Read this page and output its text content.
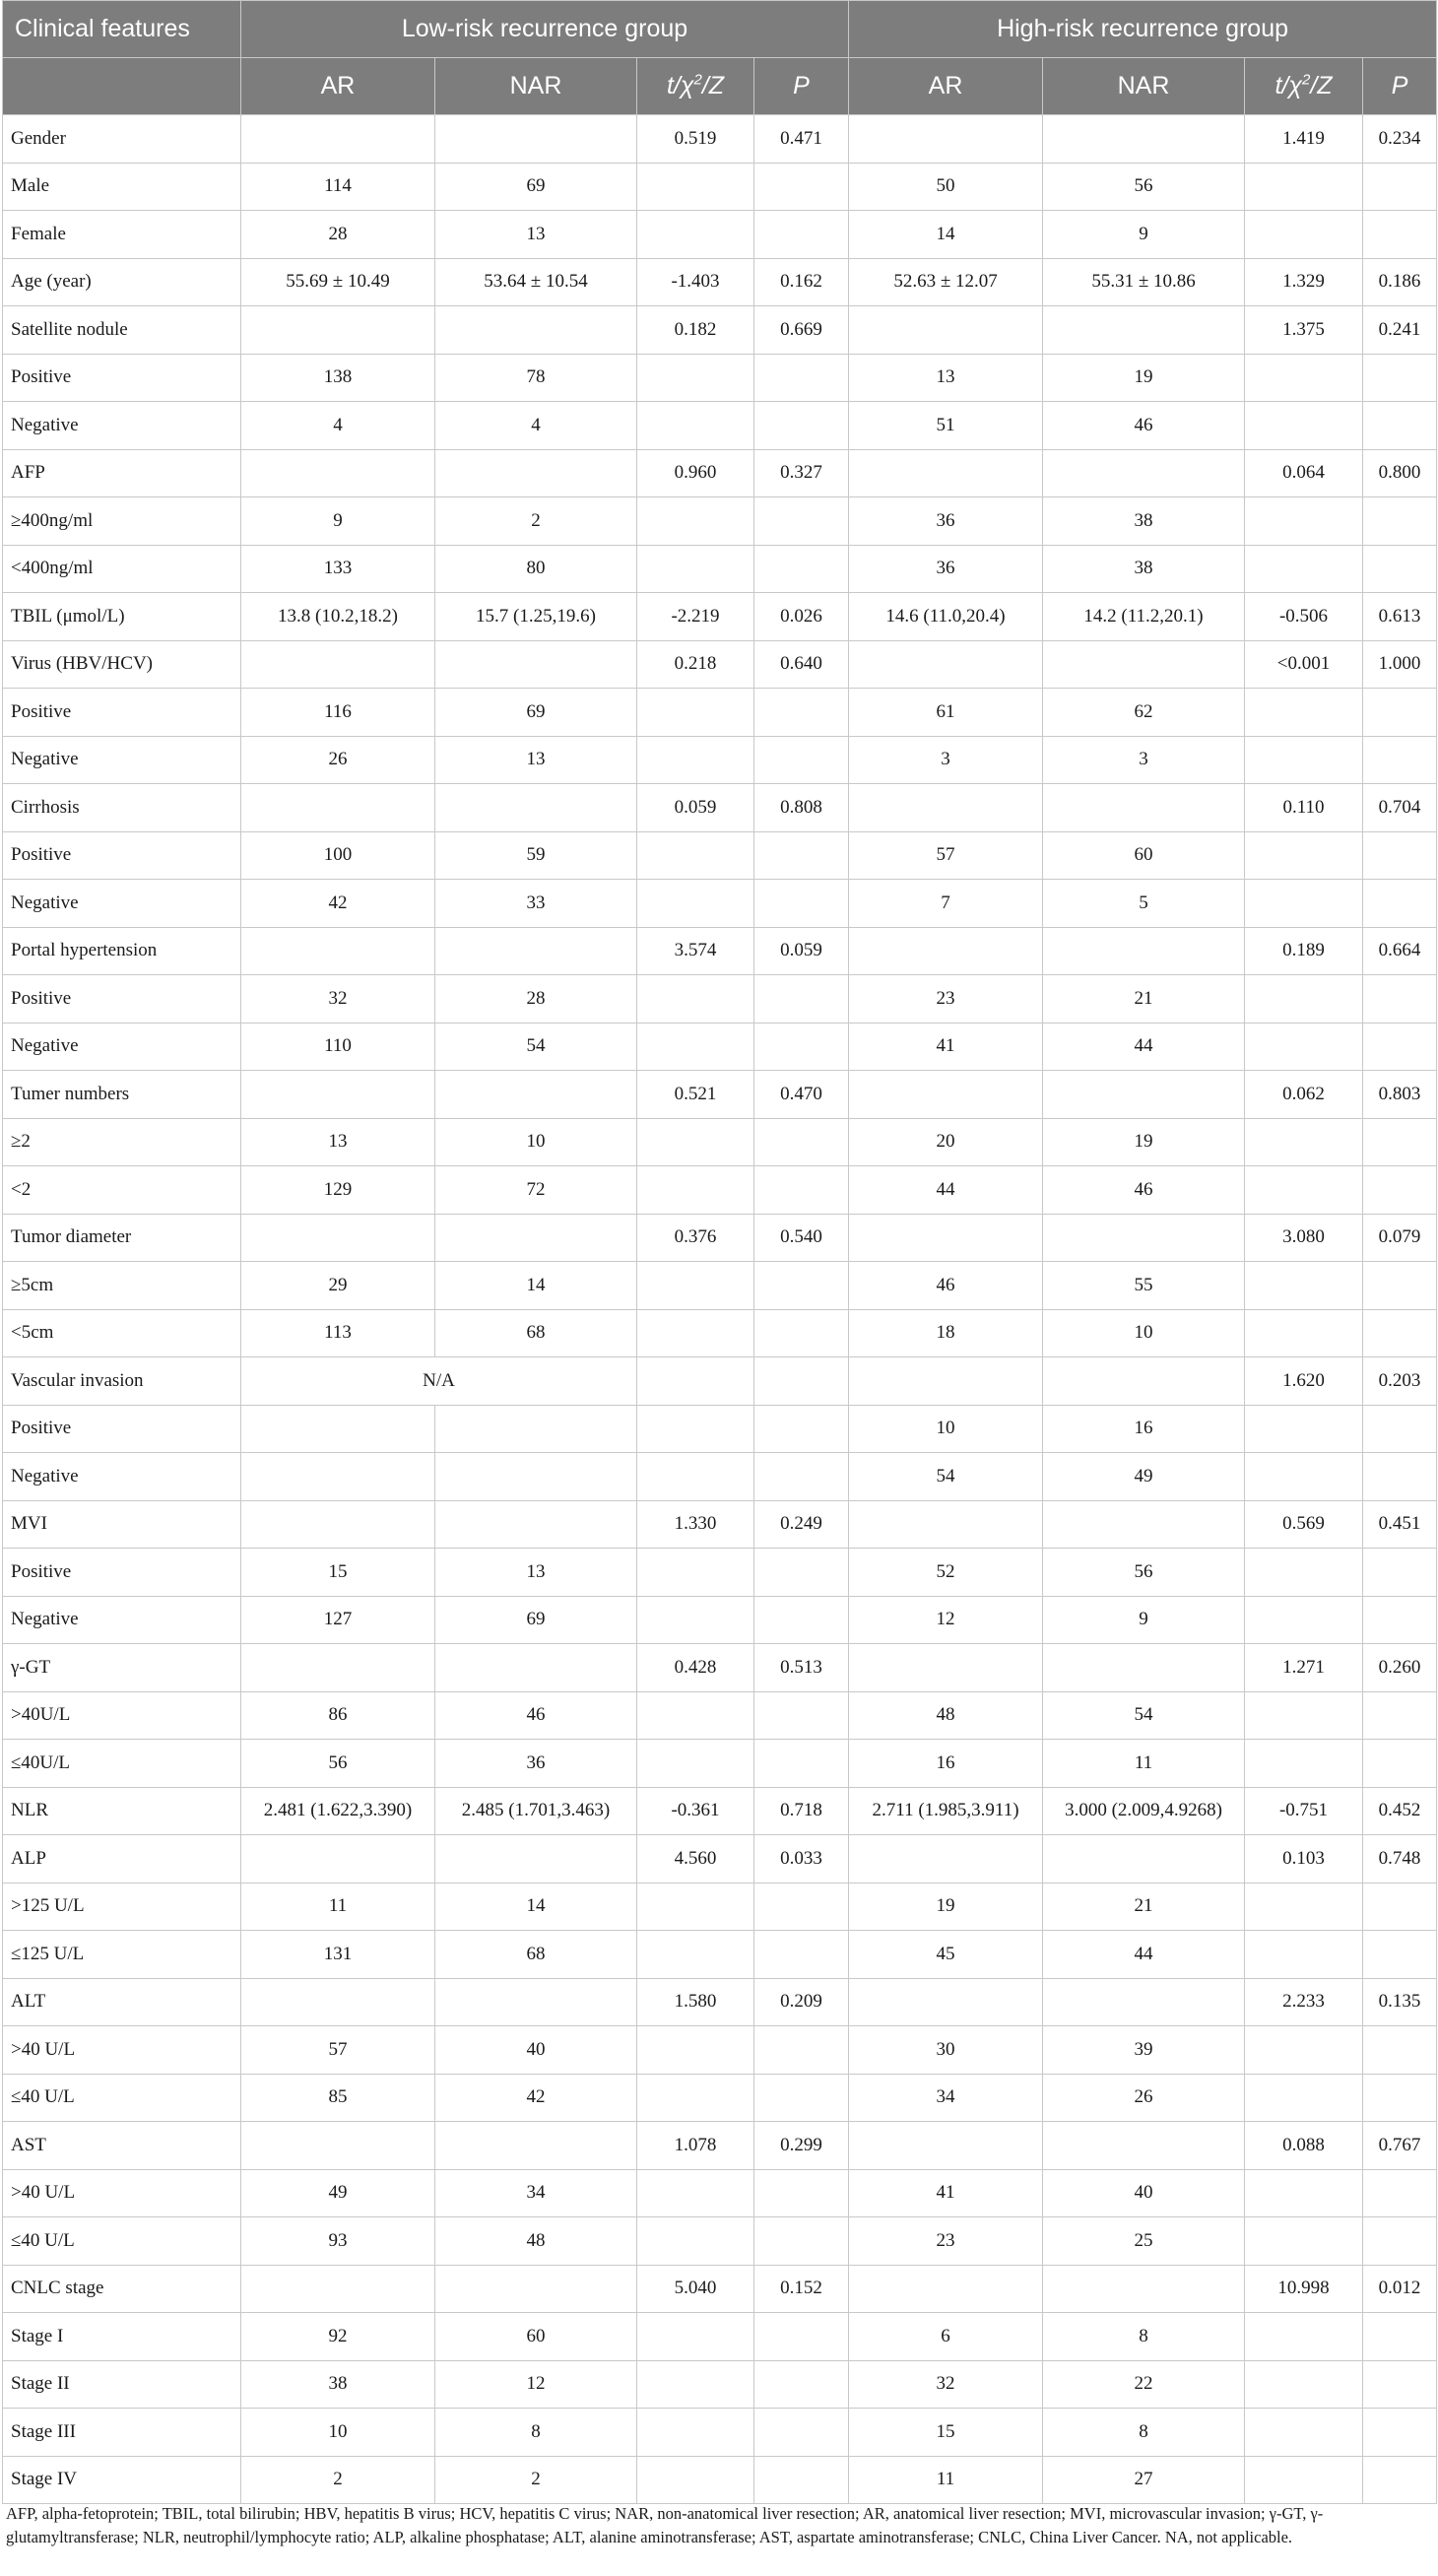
Clinical features	Low-risk recurrence group				High-risk recurrence group			
	AR	NAR	$t/\chi^2/Z$	P	AR	NAR	$t/\chi^2/Z$	P
Gender			0.519	0.471			1.419	0.234
Male	114	69			50	56		
Female	28	13			14	9		
Age (year)	55.69 ± 10.49	53.64 ± 10.54	-1.403	0.162	52.63 ± 12.07	55.31 ± 10.86	1.329	0.186
Satellite nodule			0.182	0.669			1.375	0.241
Positive	138	78			13	19		
Negative	4	4			51	46		
AFP			0.960	0.327			0.064	0.800
≥400ng/ml	9	2			36	38		
<400ng/ml	133	80			36	38		
TBIL (μmol/L)	13.8 (10.2,18.2)	15.7 (1.25,19.6)	-2.219	0.026	14.6 (11.0,20.4)	14.2 (11.2,20.1)	-0.506	0.613
Virus (HBV/HCV)			0.218	0.640			<0.001	1.000
Positive	116	69			61	62		
Negative	26	13			3	3		
Cirrhosis			0.059	0.808			0.110	0.704
Positive	100	59			57	60		
Negative	42	33			7	5		
Portal hypertension			3.574	0.059			0.189	0.664
Positive	32	28			23	21		
Negative	110	54			41	44		
Tumer numbers			0.521	0.470			0.062	0.803
≥2	13	10			20	19		
<2	129	72			44	46		
Tumor diameter			0.376	0.540			3.080	0.079
≥5cm	29	14			46	55		
<5cm	113	68			18	10		
Vascular invasion	N/A						1.620	0.203
Positive					10	16		
Negative					54	49		
MVI			1.330	0.249			0.569	0.451
Positive	15	13			52	56		
Negative	127	69			12	9		
γ-GT			0.428	0.513			1.271	0.260
>40U/L	86	46			48	54		
≤40U/L	56	36			16	11		
NLR	2.481 (1.622,3.390)	2.485 (1.701,3.463)	-0.361	0.718	2.711 (1.985,3.911)	3.000 (2.009,4.9268)	-0.751	0.452
ALP			4.560	0.033			0.103	0.748
>125 U/L	11	14			19	21		
≤125 U/L	131	68			45	44		
ALT			1.580	0.209			2.233	0.135
>40 U/L	57	40			30	39		
≤40 U/L	85	42			34	26		
AST			1.078	0.299			0.088	0.767
>40 U/L	49	34			41	40		
≤40 U/L	93	48			23	25		
CNLC stage			5.040	0.152			10.998	0.012
Stage I	92	60			6	8		
Stage II	38	12			32	22		
Stage III	10	8			15	8		
Stage IV	2	2			11	27		
AFP, alpha-fetoprotein; TBIL, total bilirubin; HBV, hepatitis B virus; HCV, hepatitis C virus; NAR, non-anatomical liver resection; AR, anatomical liver resection; MVI, microvascular invasion; γ-GT, γ-glutamyltransferase; NLR, neutrophil/lymphocyte ratio; ALP, alkaline phosphatase; ALT, alanine aminotransferase; AST, aspartate aminotransferase; CNLC, China Liver Cancer. NA, not applicable.
